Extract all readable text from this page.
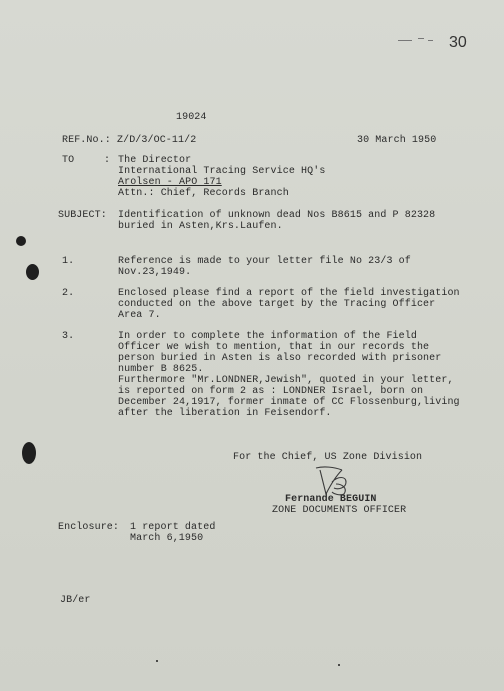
30
19024
REF.No.: Z/D/3/OC-11/2	30 March 1950
TO	: The Director
International Tracing Service HQ's
Arolsen - APO 171
Attn.: Chief, Records Branch
SUBJECT: Identification of unknown dead Nos B8615 and P 82328
buried in Asten,Krs.Laufen.
1.	Reference is made to your letter file No 23/3 of
Nov.23,1949.
2.	Enclosed please find a report of the field investigation
conducted on the above target by the Tracing Officer
Area 7.
3.	In order to complete the information of the Field
Officer we wish to mention, that in our records the
person buried in Asten is also recorded with prisoner
number B 8625.
Furthermore "Mr.LONDNER,Jewish", quoted in your letter,
is reported on form 2 as : LONDNER Israel, born on
December 24,1917, former inmate of CC Flossenburg,living
after the liberation in Feisendorf.
For the Chief, US Zone Division
Fernande BEGUIN
ZONE DOCUMENTS OFFICER
Enclosure: 1 report dated
March 6,1950
JB/er
